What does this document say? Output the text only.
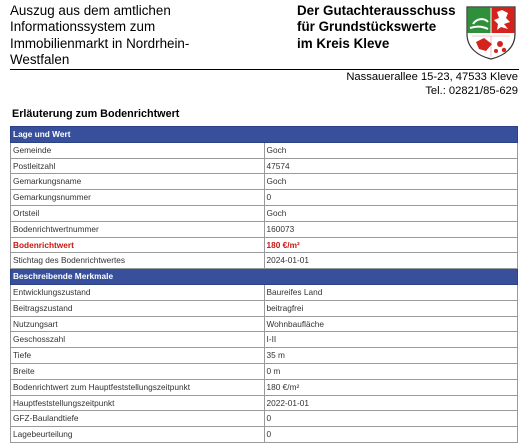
Auszug aus dem amtlichen
Informationssystem zum
Immobilienmarkt in Nordrhein-
Westfalen
Der Gutachterausschuss
für Grundstückswerte
im Kreis Kleve
Nassauerallee 15-23, 47533 Kleve
Tel.: 02821/85-629
Erläuterung zum Bodenrichtwert
Lage und Wert	
Gemeinde	Goch
Postleitzahl	47574
Gemarkungsname	Goch
Gemarkungsnummer	0
Ortsteil	Goch
Bodenrichtwertnummer	160073
Bodenrichtwert	180 €/m²
Stichtag des Bodenrichtwertes	2024-01-01
Beschreibende Merkmale	
Entwicklungszustand	Baureifes Land
Beitragszustand	beitragfrei
Nutzungsart	Wohnbaufläche
Geschosszahl	I-II
Tiefe	35 m
Breite	0 m
Bodenrichtwert zum Hauptfeststellungszeitpunkt	180 €/m²
Hauptfeststellungszeitpunkt	2022-01-01
GFZ-Baulandtiefe	0
Lagebeurteilung	0
